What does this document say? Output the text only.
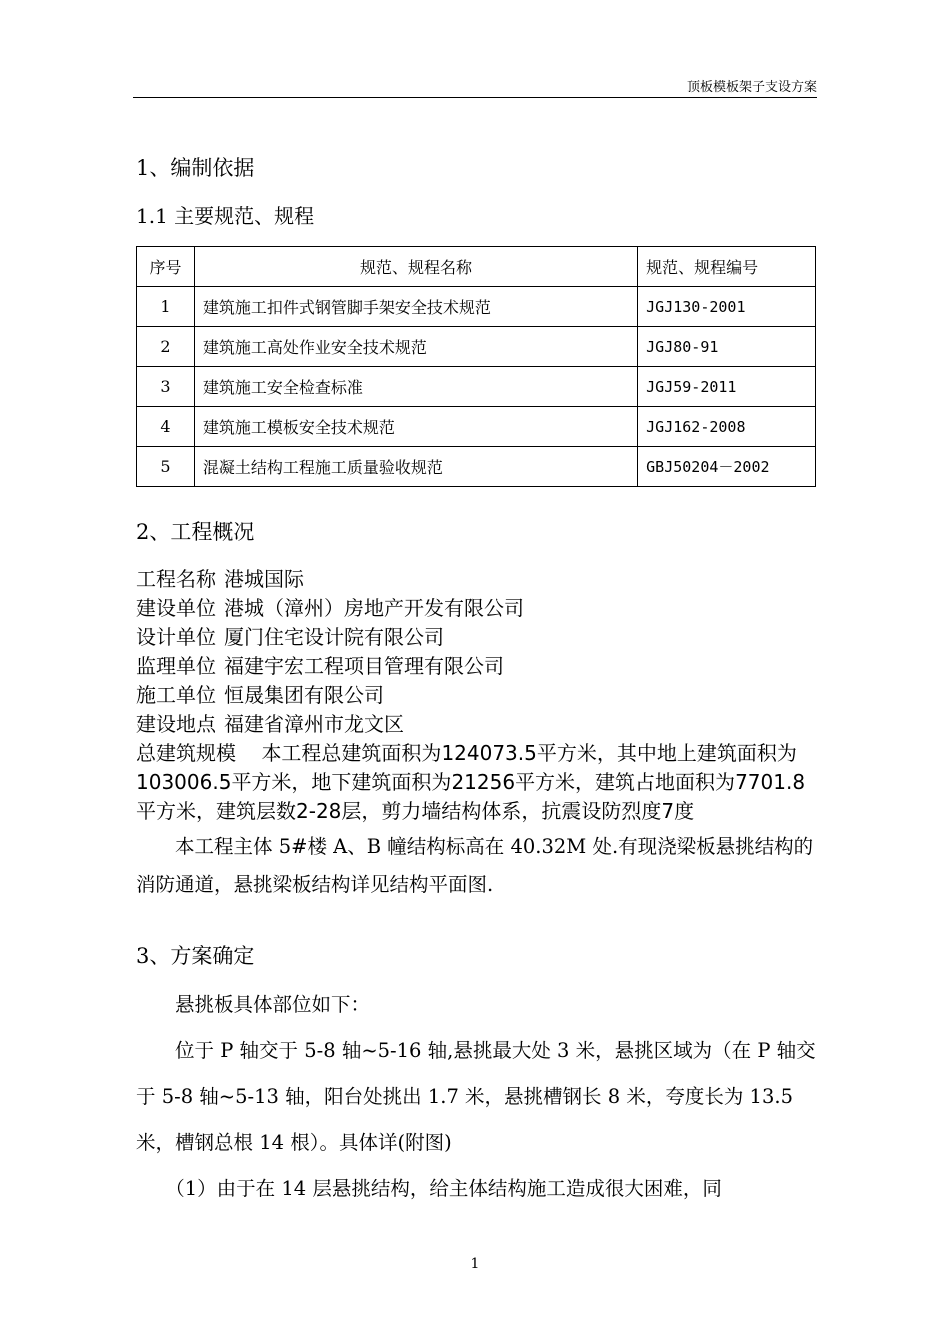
顶板模板架子支设方案
1、编制依据
1.1 主要规范、规程
序号	规范、规程名称	规范、规程编号
1	建筑施工扣件式钢管脚手架安全技术规范	JGJ130-2001
2	建筑施工高处作业安全技术规范	JGJ80-91
3	建筑施工安全检查标准	JGJ59-2011
4	建筑施工模板安全技术规范	JGJ162-2008
5	混凝土结构工程施工质量验收规范	GBJ50204－2002
2、工程概况
工程名称 港城国际
建设单位 港城（漳州）房地产开发有限公司
设计单位 厦门住宅设计院有限公司
监理单位 福建宇宏工程项目管理有限公司
施工单位 恒晟集团有限公司
建设地点 福建省漳州市龙文区
总建筑规模 本工程总建筑面积为124073.5平方米，其中地上建筑面积为103006.5平方米，地下建筑面积为21256平方米，建筑占地面积为7701.8平方米，建筑层数2-28层，剪力墙结构体系，抗震设防烈度7度
本工程主体 5#楼 A、B 幢结构标高在 40.32M 处.有现浇梁板悬挑结构的消防通道，悬挑梁板结构详见结构平面图.
3、方案确定
悬挑板具体部位如下：
位于 P 轴交于 5-8 轴~5-16 轴,悬挑最大处 3 米，悬挑区域为（在 P 轴交于 5-8 轴~5-13 轴，阳台处挑出 1.7 米，悬挑槽钢长 8 米，夸度长为 13.5 米，槽钢总根 14 根）。具体详(附图)
（1）由于在 14 层悬挑结构，给主体结构施工造成很大困难，同
1
